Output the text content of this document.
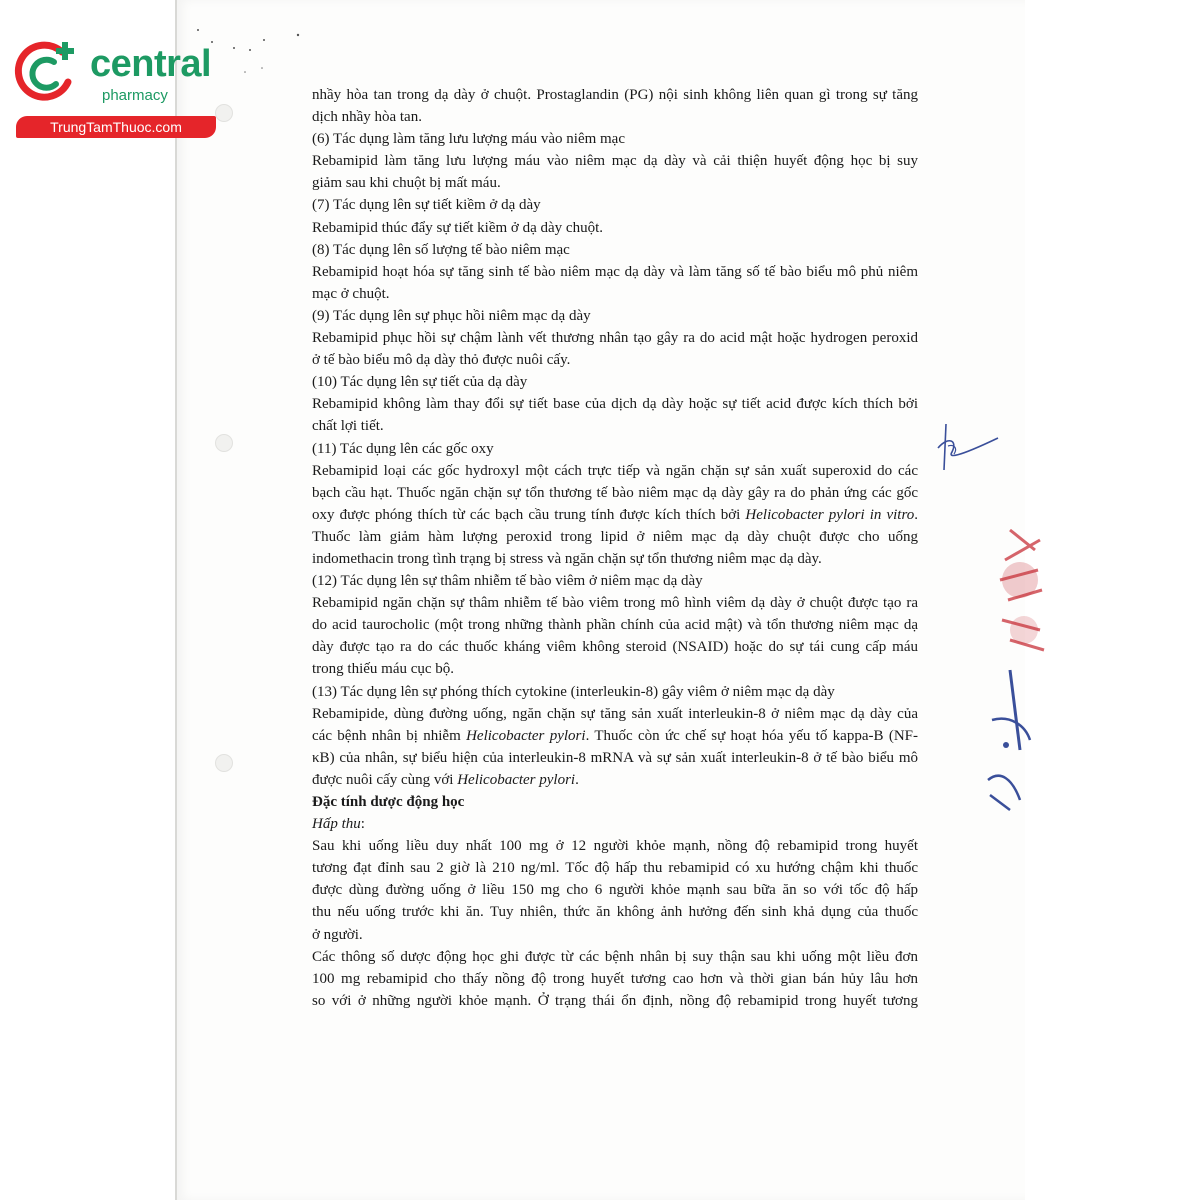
central
pharmacy
TrungTamThuoc.com

nhầy hòa tan trong dạ dày ở chuột. Prostaglandin (PG) nội sinh không liên quan gì trong sự tăng

dịch nhầy hòa tan.

(6) Tác dụng làm tăng lưu lượng máu vào niêm mạc

Rebamipid làm tăng lưu lượng máu vào niêm mạc dạ dày và cải thiện huyết động học bị suy

giảm sau khi chuột bị mất máu.

(7) Tác dụng lên sự tiết kiềm ở dạ dày

Rebamipid thúc đẩy sự tiết kiềm ở dạ dày chuột.

(8) Tác dụng lên số lượng tế bào niêm mạc

Rebamipid hoạt hóa sự tăng sinh tế bào niêm mạc dạ dày và làm tăng số tế bào biểu mô phủ niêm

mạc ở chuột.

(9) Tác dụng lên sự phục hồi niêm mạc dạ dày

Rebamipid phục hồi sự chậm lành vết thương nhân tạo gây ra do acid mật hoặc hydrogen peroxid

ở tế bào biểu mô dạ dày thỏ được nuôi cấy.

(10) Tác dụng lên sự tiết của dạ dày

Rebamipid không làm thay đổi sự tiết base của dịch dạ dày hoặc sự tiết acid được kích thích bởi

chất lợi tiết.

(11) Tác dụng lên các gốc oxy

Rebamipid loại các gốc hydroxyl một cách trực tiếp và ngăn chặn sự sản xuất superoxid do các

bạch cầu hạt. Thuốc ngăn chặn sự tổn thương tế bào niêm mạc dạ dày gây ra do phản ứng các gốc

oxy được phóng thích từ các bạch cầu trung tính được kích thích bởi Helicobacter pylori in vitro.

Thuốc làm giảm hàm lượng peroxid trong lipid ở niêm mạc dạ dày chuột được cho uống

indomethacin trong tình trạng bị stress và ngăn chặn sự tổn thương niêm mạc dạ dày.

(12) Tác dụng lên sự thâm nhiễm tế bào viêm ở niêm mạc dạ dày

Rebamipid ngăn chặn sự thâm nhiễm tế bào viêm trong mô hình viêm dạ dày ở chuột được tạo ra

do acid taurocholic (một trong những thành phần chính của acid mật) và tổn thương niêm mạc dạ

dày được tạo ra do các thuốc kháng viêm không steroid (NSAID) hoặc do sự tái cung cấp máu

trong thiếu máu cục bộ.

(13) Tác dụng lên sự phóng thích cytokine (interleukin-8) gây viêm ở niêm mạc dạ dày

Rebamipide, dùng đường uống, ngăn chặn sự tăng sản xuất interleukin-8 ở niêm mạc dạ dày của

các bệnh nhân bị nhiễm Helicobacter pylori. Thuốc còn ức chế sự hoạt hóa yếu tố kappa-B (NF-

κB) của nhân, sự biểu hiện của interleukin-8 mRNA và sự sản xuất interleukin-8 ở tế bào biểu mô

được nuôi cấy cùng với Helicobacter pylori.

Đặc tính dược động học

Hấp thu:

Sau khi uống liều duy nhất 100 mg ở 12 người khỏe mạnh, nồng độ rebamipid trong huyết

tương đạt đỉnh sau 2 giờ là 210 ng/ml. Tốc độ hấp thu rebamipid có xu hướng chậm khi thuốc

được dùng đường uống ở liều 150 mg cho 6 người khỏe mạnh sau bữa ăn so với tốc độ hấp

thu nếu uống trước khi ăn. Tuy nhiên, thức ăn không ảnh hưởng đến sinh khả dụng của thuốc

ở người.

Các thông số dược động học ghi được từ các bệnh nhân bị suy thận sau khi uống một liều đơn

100 mg rebamipid cho thấy nồng độ trong huyết tương cao hơn và thời gian bán hủy lâu hơn

so với ở những người khỏe mạnh. Ở trạng thái ổn định, nồng độ rebamipid trong huyết tương
